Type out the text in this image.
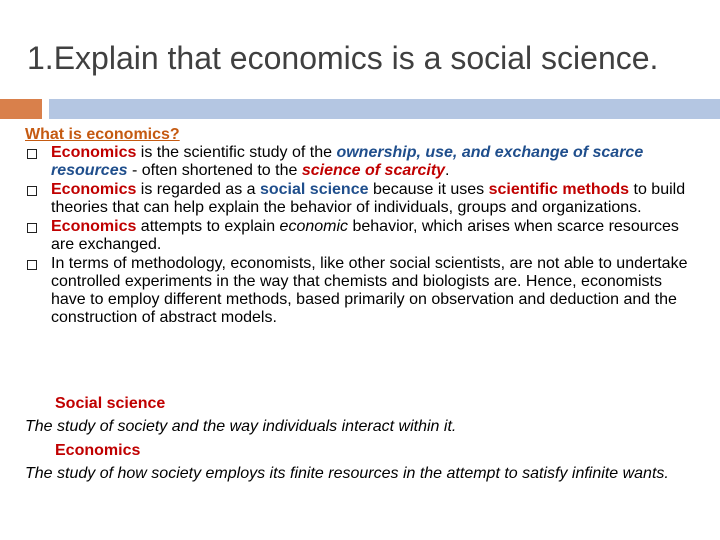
1.Explain that economics is a social science.

What is economics?

Economics is the scientific study of the ownership, use, and exchange of scarce resources - often shortened to the science of scarcity.
Economics is regarded as a social science because it uses scientific methods to build theories that can help explain the behavior of individuals, groups and organizations.
Economics attempts to explain economic behavior, which arises when scarce resources are exchanged.
In terms of methodology, economists, like other social scientists, are not able to undertake controlled experiments in the way that chemists and biologists are. Hence, economists have to employ different methods, based primarily on observation and deduction and the construction of abstract models.

Social science

The study of society and the way individuals interact within it.

Economics

The study of how society employs its finite resources in the attempt to satisfy infinite wants.
